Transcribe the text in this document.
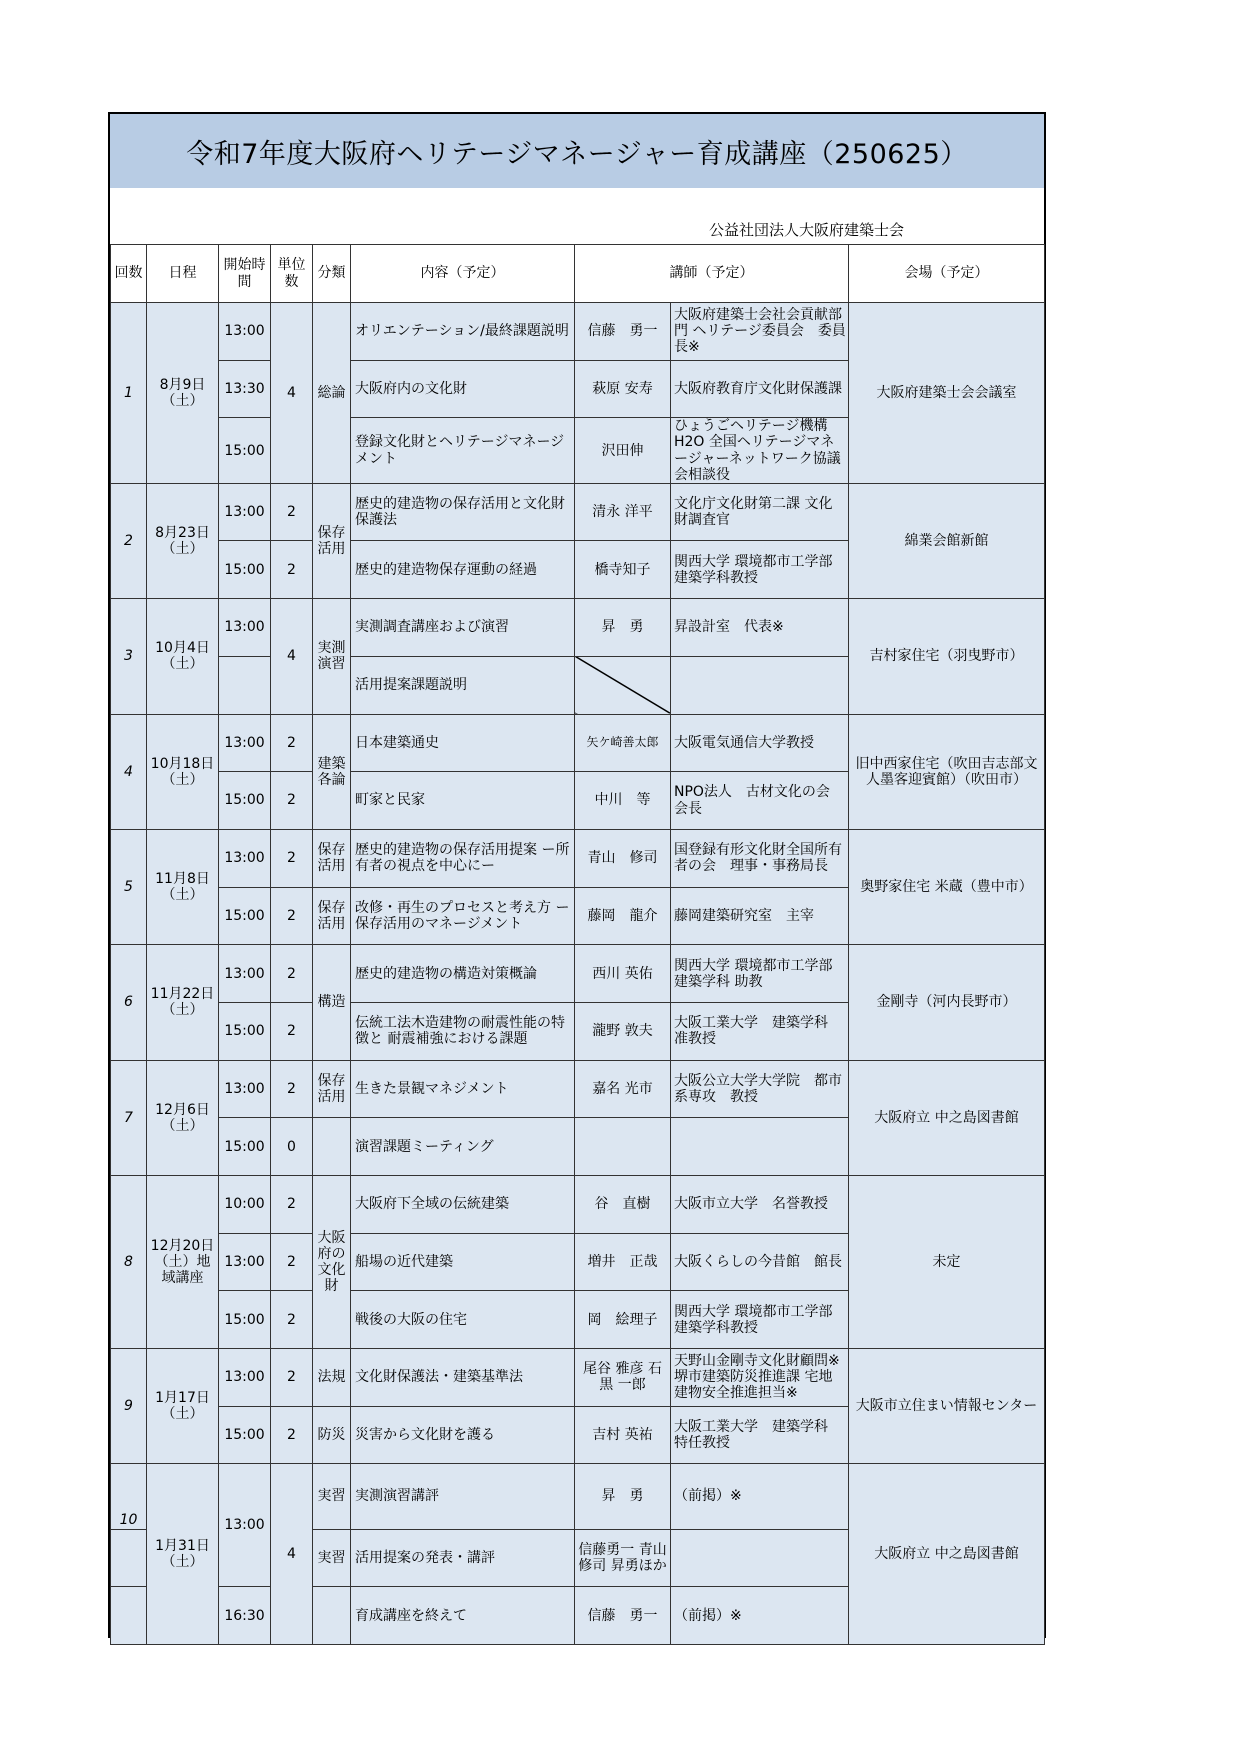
令和7年度大阪府ヘリテージマネージャー育成講座（250625）
公益社団法人大阪府建築士会
回数	日程	開始時間	単位数	分類	内容（予定）	講師（予定）		会場（予定）
1	8月9日（土）	13:00	4	総論	オリエンテーション/最終課題説明	信藤　勇一	大阪府建築士会社会貢献部門 ヘリテージ委員会　委員長※	大阪府建築士会会議室
		13:30			大阪府内の文化財	萩原 安寿	大阪府教育庁文化財保護課	
		15:00			登録文化財とヘリテージマネージメント	沢田伸	ひょうごヘリテージ機構H2O 全国ヘリテージマネージャーネットワーク協議会相談役	
2	8月23日（土）	13:00	2	保存活用	歴史的建造物の保存活用と文化財保護法	清永 洋平	文化庁文化財第二課 文化財調査官	綿業会館新館
		15:00	2		歴史的建造物保存運動の経過	橋寺知子	関西大学 環境都市工学部 建築学科教授	
3	10月4日（土）	13:00	4	実測演習	実測調査講座および演習	昇　勇	昇設計室　代表※	吉村家住宅（羽曳野市）
					活用提案課題説明			
4	10月18日（土）	13:00	2	建築各論	日本建築通史	矢ケ崎善太郎	大阪電気通信大学教授	旧中西家住宅（吹田吉志部文人墨客迎賓館）（吹田市）
		15:00	2		町家と民家	中川　等	NPO法人　古材文化の会 会長	
5	11月8日（土）	13:00	2	保存活用	歴史的建造物の保存活用提案 ー所有者の視点を中心にー	青山　修司	国登録有形文化財全国所有者の会　理事・事務局長	奥野家住宅 米蔵（豊中市）
		15:00	2	保存活用	改修・再生のプロセスと考え方 ー保存活用のマネージメント	藤岡　龍介	藤岡建築研究室　主宰	
6	11月22日（土）	13:00	2	構造	歴史的建造物の構造対策概論	西川 英佑	関西大学 環境都市工学部 建築学科 助教	金剛寺（河内長野市）
		15:00	2		伝統工法木造建物の耐震性能の特徴と 耐震補強における課題	瀧野 敦夫	大阪工業大学　建築学科 准教授	
7	12月6日（土）	13:00	2	保存活用	生きた景観マネジメント	嘉名 光市	大阪公立大学大学院　都市系専攻　教授	大阪府立 中之島図書館
		15:00	0		演習課題ミーティング			
8	12月20日（土）地域講座	10:00	2	大阪府の文化財	大阪府下全域の伝統建築	谷　直樹	大阪市立大学　名誉教授	未定
		13:00	2		船場の近代建築	増井　正哉	大阪くらしの今昔館　館長	
		15:00	2		戦後の大阪の住宅	岡　絵理子	関西大学 環境都市工学部 建築学科教授	
9	1月17日（土）	13:00	2	法規	文化財保護法・建築基準法	尾谷 雅彦 石黒 一郎	天野山金剛寺文化財顧問※ 堺市建築防災推進課 宅地建物安全推進担当※	大阪市立住まい情報センター
		15:00	2	防災	災害から文化財を護る	吉村 英祐	大阪工業大学　建築学科 特任教授	
10	1月31日（土）	13:00	4	実習	実測演習講評	昇　勇	（前掲）※	大阪府立 中之島図書館
				実習	活用提案の発表・講評	信藤勇一 青山修司 昇勇ほか		
		16:30			育成講座を終えて	信藤　勇一	（前掲）※	
